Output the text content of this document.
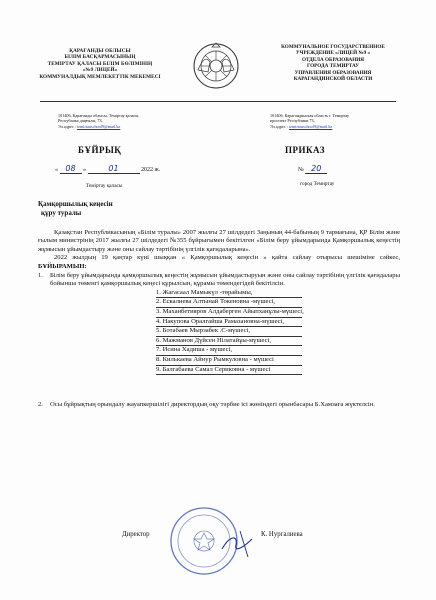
ҚАРАҒАНДЫ ОБЛЫСЫ
БІЛІМ БАСҚАРМАСЫНЫҢ
ТЕМІРТАУ ҚАЛАСЫ БІЛІМ БӨЛІМІНІҢ
«№9 ЛИЦЕЙ»
КОММУНАЛДЫҚ МЕМЛЕКЕТТІК МЕКЕМЕСІ
КОММУНАЛЬНОЕ ГОСУДАРСТВЕННОЕ
УЧРЕЖДЕНИЕ «ЛИЦЕЙ №9 »
ОТДЕЛА ОБРАЗОВАНИЯ
ГОРОДА ТЕМИРТАУ
УПРАВЛЕНИЯ ОБРАЗОВАНИЯ
КАРАГАНДИНСКОЙ ОБЛАСТИ
101406, Қарағанды облысы, Теміртау қаласы,
Республика даңғылы, 73,
Эл.адрес : temirtauschool9@mail.kz
101406, Карагандинская область г. Темиртау
проспект Республики 73,
Эл.адрес : temirtauschool9@mail.kz
БҰЙРЫҚ	ПРИКАЗ
« 08 »	01	2022 ж.	№ 20
Теміртау қаласы	город Темиртау
Қамқоршылық кеңесін
құру туралы

Қазақстан Республикасының «Білім туралы» 2007 жылғы 27 шілдедегі Заңының 44-бабының 9 тармағына, ҚР Білім және ғылым министрінің 2017 жылғы 27 шілдедегі №355 бұйрығымен бекітілген «Білім беру ұйымдарында Қамқоршылық кеңестің жұмысын ұйымдастыру және оны сайлау тәртібінің үлгілік қағидаларына».

2022 жылдың 19 қаңтар күні шыққан « Қамқоршылық кеңесін » қайта сайлау отырысы шешіміне сәйкес, БҰЙЫРАМЫН:

1. Білім беру ұйымдарында қамқоршылық кеңестің жұмысын ұйымдастыруын және оны сайлау тәртібінің үлгілік қағидалары бойынша төменгі қамқоршылық кеңесі құрылсын, құрамы төмендегідей бекітілсін.
1. Жагасаал Мамыкүл -төрайымы,
2. Ескалиева Алтынай Токеновна -мүшесі,
3. Маханбетияров Алдаберген Айыпханұлы-мүшесі,
4. Накупова Оралгайша Рамазановна-мүшесі,
5. Ботабаев Мырзабек .С-мүшесі,
6. Мажманов Дүйсен Нілатайұы-мүшесі,
7. Исина Хадиша - мүшесі,
8. Килькаева Айнур Рымкуловна - мүшесі
9. Балгабаева Самал Сериковна - мүшесі
2. Осы бұйрықтың орындалу жауапкершілігі директордың оқу тәрбие ісі жөніндегі орынбасары Б.Хамзаға жүктелсін.
Директор	К. Нургалиева
